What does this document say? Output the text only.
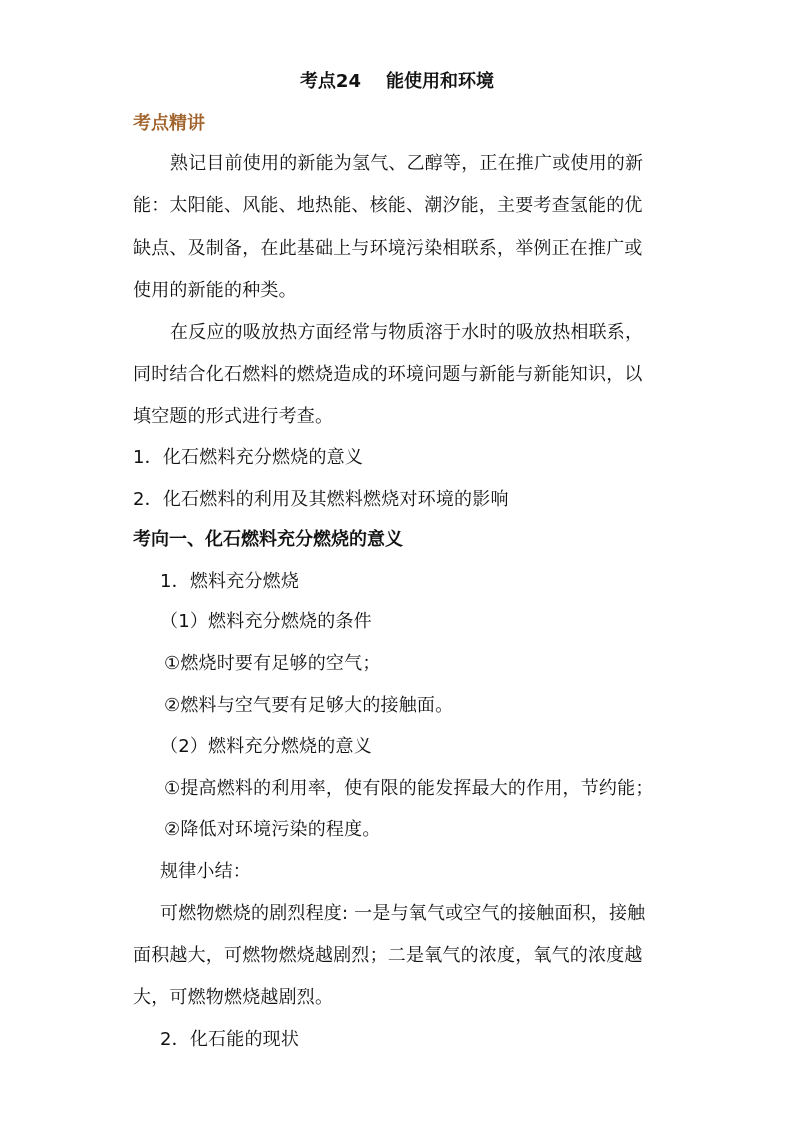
考点24    能使用和环境
考点精讲
熟记目前使用的新能为氢气、乙醇等，正在推广或使用的新
能：太阳能、风能、地热能、核能、潮汐能，主要考查氢能的优
缺点、及制备，在此基础上与环境污染相联系，举例正在推广或
使用的新能的种类。
在反应的吸放热方面经常与物质溶于水时的吸放热相联系，
同时结合化石燃料的燃烧造成的环境问题与新能与新能知识，以
填空题的形式进行考查。
1．化石燃料充分燃烧的意义
2．化石燃料的利用及其燃料燃烧对环境的影响
考向一、化石燃料充分燃烧的意义
1．燃料充分燃烧
（1）燃料充分燃烧的条件
①燃烧时要有足够的空气；
②燃料与空气要有足够大的接触面。
（2）燃料充分燃烧的意义
①提高燃料的利用率，使有限的能发挥最大的作用，节约能；
②降低对环境污染的程度。
规律小结：
可燃物燃烧的剧烈程度: 一是与氧气或空气的接触面积，接触
面积越大，可燃物燃烧越剧烈；二是氧气的浓度，氧气的浓度越
大，可燃物燃烧越剧烈。
2．化石能的现状
